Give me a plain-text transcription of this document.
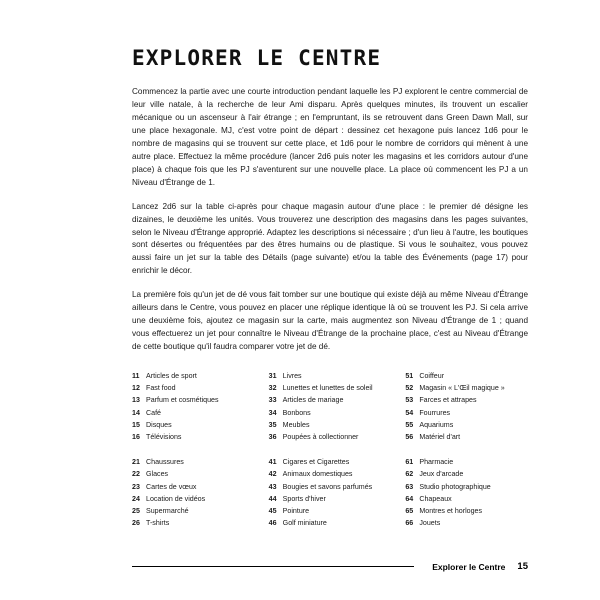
EXPLORER LE CENTRE

Commencez la partie avec une courte introduction pendant laquelle les PJ explorent le centre commercial de leur ville natale, à la recherche de leur Ami disparu. Après quelques minutes, ils trouvent un escalier mécanique ou un ascenseur à l'air étrange ; en l'empruntant, ils se retrouvent dans Green Dawn Mall, sur une place hexagonale. MJ, c'est votre point de départ : dessinez cet hexagone puis lancez 1d6 pour le nombre de magasins qui se trouvent sur cette place, et 1d6 pour le nombre de corridors qui mènent à une autre place. Effectuez la même procédure (lancer 2d6 puis noter les magasins et les corridors autour d'une place) à chaque fois que les PJ s'aventurent sur une nouvelle place. La place où commencent les PJ a un Niveau d'Étrange de 1.

Lancez 2d6 sur la table ci-après pour chaque magasin autour d'une place : le premier dé désigne les dizaines, le deuxième les unités. Vous trouverez une description des magasins dans les pages suivantes, selon le Niveau d'Étrange approprié. Adaptez les descriptions si nécessaire ; d'un lieu à l'autre, les boutiques sont désertes ou fréquentées par des êtres humains ou de plastique. Si vous le souhaitez, vous pouvez aussi faire un jet sur la table des Détails (page suivante) et/ou la table des Événements (page 17) pour enrichir le décor.

La première fois qu'un jet de dé vous fait tomber sur une boutique qui existe déjà au même Niveau d'Étrange ailleurs dans le Centre, vous pouvez en placer une réplique identique là où se trouvent les PJ. Si cela arrive une deuxième fois, ajoutez ce magasin sur la carte, mais augmentez son Niveau d'Étrange de 1 ; quand vous effectuerez un jet pour connaître le Niveau d'Étrange de la prochaine place, c'est au Niveau d'Étrange de cette boutique qu'il faudra comparer votre jet de dé.

11 Articles de sport
12 Fast food
13 Parfum et cosmétiques
14 Café
15 Disques
16 Télévisions
31 Livres
32 Lunettes et lunettes de soleil
33 Articles de mariage
34 Bonbons
35 Meubles
36 Poupées à collectionner
51 Coiffeur
52 Magasin « L'Œil magique »
53 Farces et attrapes
54 Fourrures
55 Aquariums
56 Matériel d'art
21 Chaussures
22 Glaces
23 Cartes de vœux
24 Location de vidéos
25 Supermarché
26 T-shirts
41 Cigares et Cigarettes
42 Animaux domestiques
43 Bougies et savons parfumés
44 Sports d'hiver
45 Pointure
46 Golf miniature
61 Pharmacie
62 Jeux d'arcade
63 Studio photographique
64 Chapeaux
65 Montres et horloges
66 Jouets
Explorer le Centre 15
